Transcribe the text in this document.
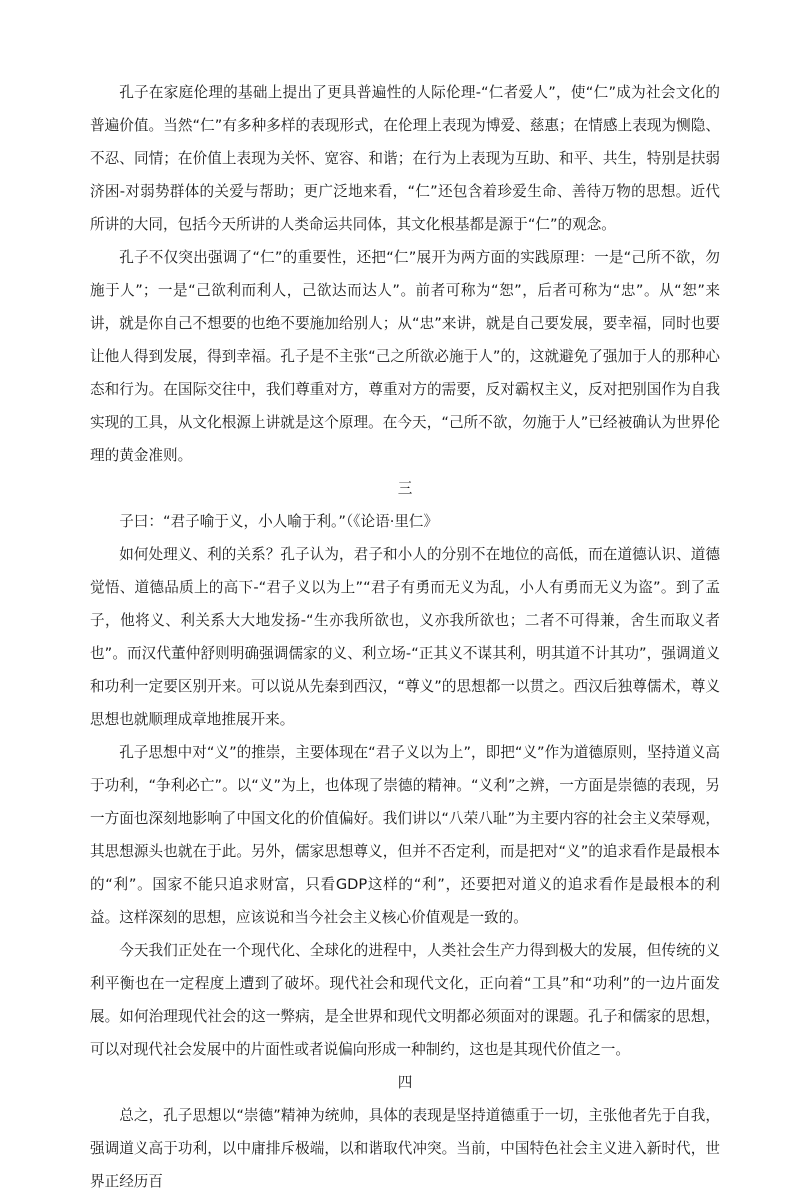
孔子在家庭伦理的基础上提出了更具普遍性的人际伦理-“仁者爱人”，使“仁”成为社会文化的普遍价值。当然“仁”有多种多样的表现形式，在伦理上表现为博爱、慈惠；在情感上表现为恻隐、不忍、同情；在价值上表现为关怀、宽容、和谐；在行为上表现为互助、和平、共生，特别是扶弱济困-对弱势群体的关爱与帮助；更广泛地来看，“仁”还包含着珍爱生命、善待万物的思想。近代所讲的大同，包括今天所讲的人类命运共同体，其文化根基都是源于“仁”的观念。

孔子不仅突出强调了“仁”的重要性，还把“仁”展开为两方面的实践原理：一是“己所不欲，勿施于人”；一是“己欲利而利人，己欲达而达人”。前者可称为“恕”，后者可称为“忠”。从“恕”来讲，就是你自己不想要的也绝不要施加给别人；从“忠”来讲，就是自己要发展，要幸福，同时也要让他人得到发展，得到幸福。孔子是不主张“己之所欲必施于人”的，这就避免了强加于人的那种心态和行为。在国际交往中，我们尊重对方，尊重对方的需要，反对霸权主义，反对把别国作为自我实现的工具，从文化根源上讲就是这个原理。在今天，“己所不欲，勿施于人”已经被确认为世界伦理的黄金准则。

三

子曰：“君子喻于义，小人喻于利。”（《论语·里仁》

如何处理义、利的关系？孔子认为，君子和小人的分别不在地位的高低，而在道德认识、道德觉悟、道德品质上的高下-“君子义以为上”“君子有勇而无义为乱，小人有勇而无义为盗”。到了孟子，他将义、利关系大大地发扬-“生亦我所欲也，义亦我所欲也；二者不可得兼，舍生而取义者也”。而汉代董仲舒则明确强调儒家的义、利立场-“正其义不谋其利，明其道不计其功”，强调道义和功利一定要区别开来。可以说从先秦到西汉，“尊义”的思想都一以贯之。西汉后独尊儒术，尊义思想也就顺理成章地推展开来。

孔子思想中对“义”的推崇，主要体现在“君子义以为上”，即把“义”作为道德原则，坚持道义高于功利，“争利必亡”。以“义”为上，也体现了崇德的精神。“义利”之辨，一方面是崇德的表现，另一方面也深刻地影响了中国文化的价值偏好。我们讲以“八荣八耻”为主要内容的社会主义荣辱观，其思想源头也就在于此。另外，儒家思想尊义，但并不否定利，而是把对“义”的追求看作是最根本的“利”。国家不能只追求财富，只看GDP这样的“利”，还要把对道义的追求看作是最根本的利益。这样深刻的思想，应该说和当今社会主义核心价值观是一致的。

今天我们正处在一个现代化、全球化的进程中，人类社会生产力得到极大的发展，但传统的义利平衡也在一定程度上遭到了破坏。现代社会和现代文化，正向着“工具”和“功利”的一边片面发展。如何治理现代社会的这一弊病，是全世界和现代文明都必须面对的课题。孔子和儒家的思想，可以对现代社会发展中的片面性或者说偏向形成一种制约，这也是其现代价值之一。

四

总之，孔子思想以“崇德”精神为统帅，具体的表现是坚持道德重于一切，主张他者先于自我，强调道义高于功利，以中庸排斥极端，以和谐取代冲突。当前，中国特色社会主义进入新时代，世界正经历百
